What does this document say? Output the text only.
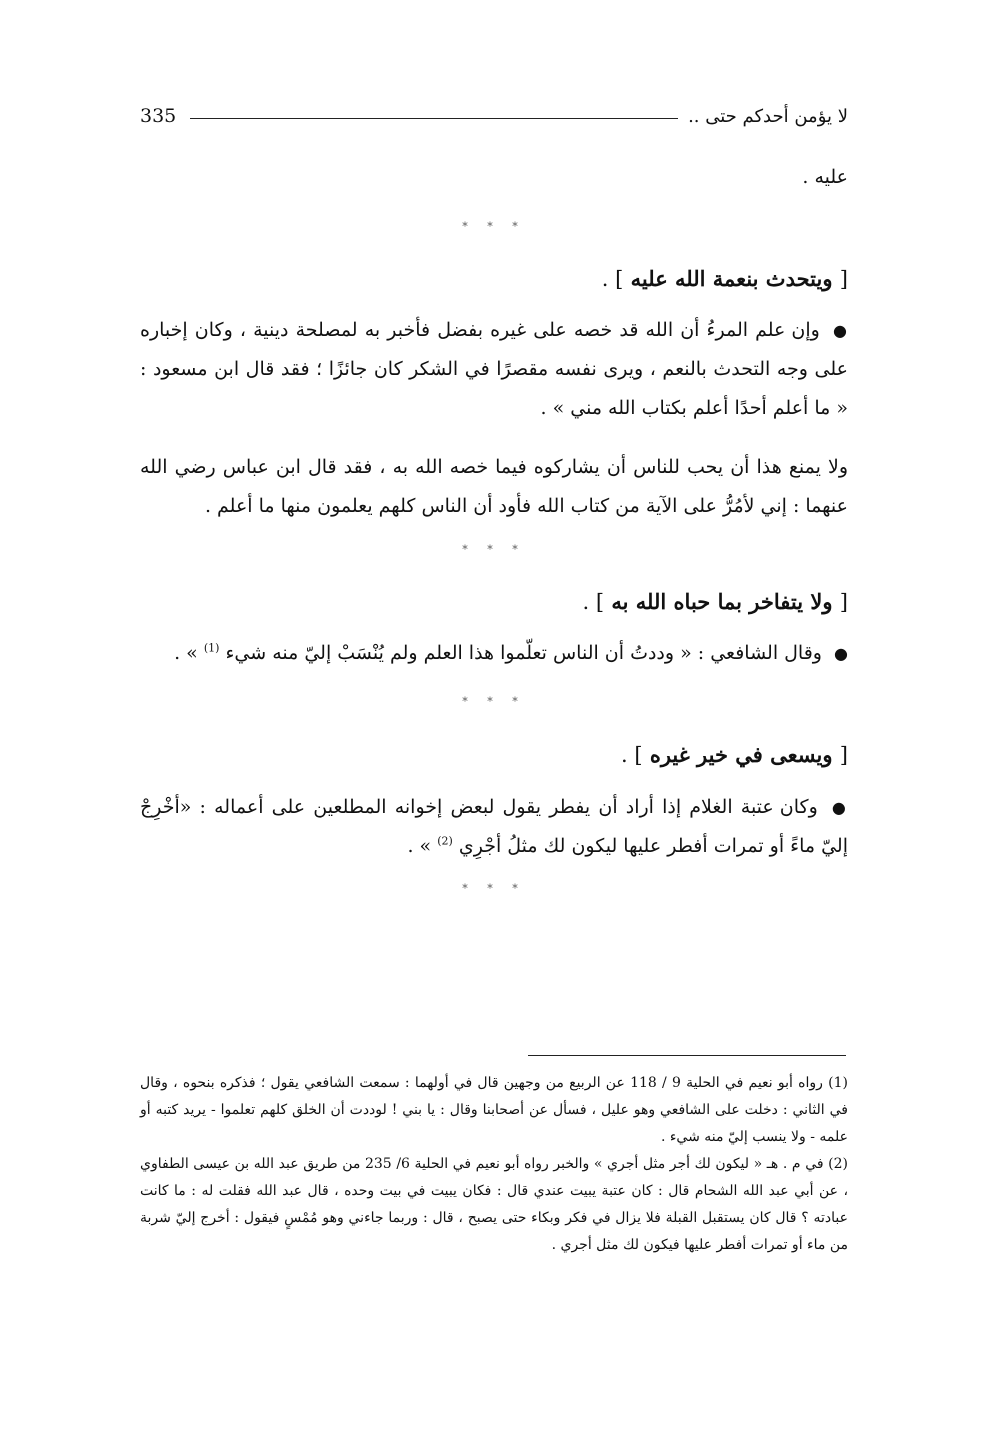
335	لا يؤمن أحدكم حتى ..
عليه .
* * *
[ ويتحدث بنعمة الله عليه ] .
● وإن علم المرءُ أن الله قد خصه على غيره بفضل فأخبر به لمصلحة دينية ، وكان إخباره على وجه التحدث بالنعم ، ويرى نفسه مقصرًا في الشكر كان جائزًا ؛ فقد قال ابن مسعود : « ما أعلم أحدًا أعلم بكتاب الله مني » .
ولا يمنع هذا أن يحب للناس أن يشاركوه فيما خصه الله به ، فقد قال ابن عباس رضي الله عنهما : إني لأمُرُّ على الآية من كتاب الله فأود أن الناس كلهم يعلمون منها ما أعلم .
* * *
[ ولا يتفاخر بما حباه الله به ] .
● وقال الشافعي : « وددتُ أن الناس تعلّموا هذا العلم ولم يُنْسَبْ إليّ منه شيء $^{(1)}$ » .
* * *
[ ويسعى في خير غيره ] .
● وكان عتبة الغلام إذا أراد أن يفطر يقول لبعض إخوانه المطلعين على أعماله : «أخْرِجْ إليّ ماءً أو تمرات أفطر عليها ليكون لك مثلُ أجْرِي $^{(2)}$ » .
* * *

(1) رواه أبو نعيم في الحلية 9 / 118 عن الربيع من وجهين قال في أولهما : سمعت الشافعي يقول ؛ فذكره بنحوه ، وقال في الثاني : دخلت على الشافعي وهو عليل ، فسأل عن أصحابنا وقال : يا بني ! لوددت أن الخلق كلهم تعلموا - يريد كتبه أو علمه - ولا ينسب إليّ منه شيء .

(2) في م . هـ « ليكون لك أجر مثل أجري » والخبر رواه أبو نعيم في الحلية 6/ 235 من طريق عبد الله بن عيسى الطفاوي ، عن أبي عبد الله الشحام قال : كان عتبة يبيت عندي قال : فكان يبيت في بيت وحده ، قال عبد الله فقلت له : ما كانت عبادته ؟ قال كان يستقبل القبلة فلا يزال في فكر وبكاء حتى يصبح ، قال : وربما جاءني وهو مُمْسٍ فيقول : أخرج إليّ شربة من ماء أو تمرات أفطر عليها فيكون لك مثل أجري .
